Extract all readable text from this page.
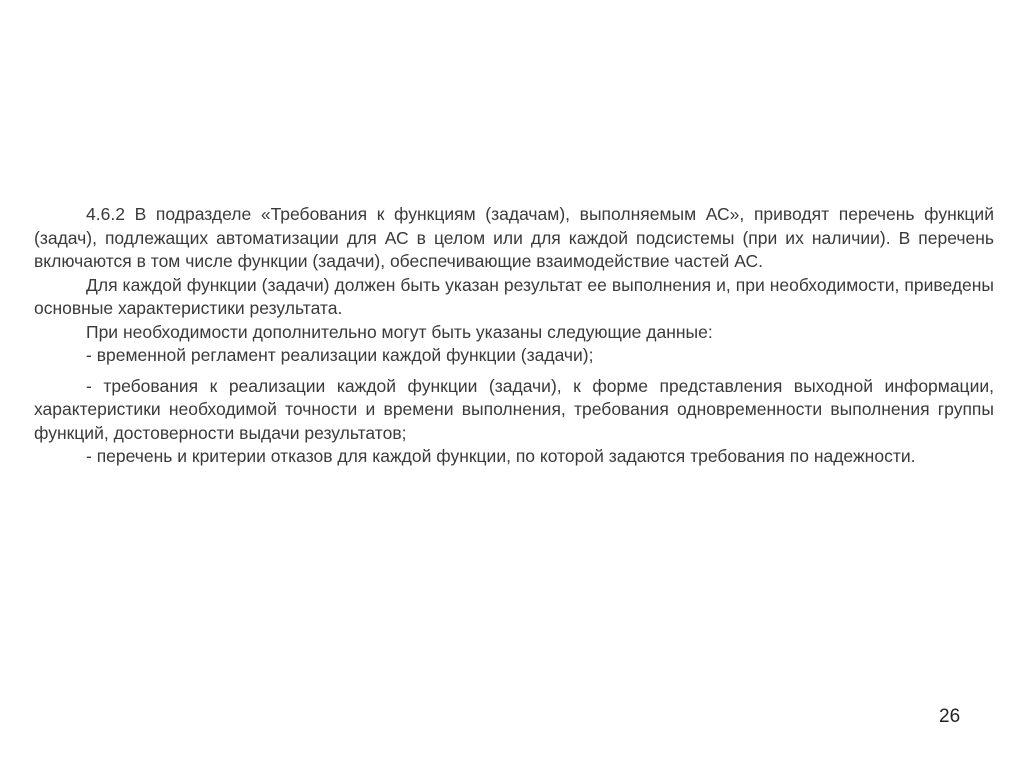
4.6.2 В подразделе «Требования к функциям (задачам), выполняемым АС», приводят перечень функций (задач), подлежащих автоматизации для АС в целом или для каждой подсистемы (при их наличии). В перечень включаются в том числе функции (задачи), обеспечивающие взаимодействие частей АС.

Для каждой функции (задачи) должен быть указан результат ее выполнения и, при необходимости, приведены основные характеристики результата.

При необходимости дополнительно могут быть указаны следующие данные:

- временной регламент реализации каждой функции (задачи);

- требования к реализации каждой функции (задачи), к форме представления выходной информации, характеристики необходимой точности и времени выполнения, требования одновременности выполнения группы функций, достоверности выдачи результатов;

- перечень и критерии отказов для каждой функции, по которой задаются требования по надежности.

26
